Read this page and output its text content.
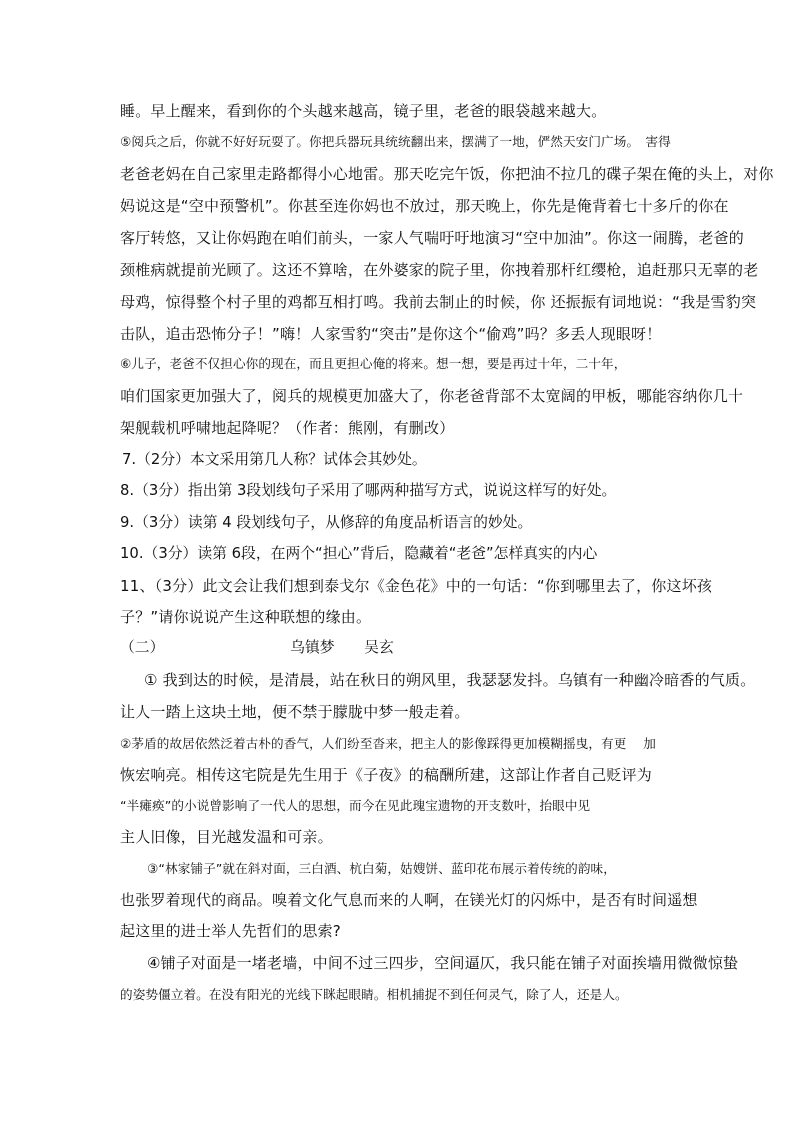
睡。早上醒来，看到你的个头越来越高，镜子里，老爸的眼袋越来越大。
⑤阅兵之后，你就不好好玩耍了。你把兵器玩具统统翻出来，摆满了一地，俨然天安门广场。　害得
老爸老妈在自己家里走路都得小心地雷。那天吃完午饭，你把油不拉几的碟子架在俺的头上，对你
妈说这是“空中预警机”。你甚至连你妈也不放过，那天晚上，你先是俺背着七十多斤的你在
客厅转悠，又让你妈跑在咱们前头，一家人气喘吁吁地演习“空中加油”。你这一闹腾，老爸的
颈椎病就提前光顾了。这还不算啥，在外婆家的院子里，你拽着那杆红缨枪，追赶那只无辜的老
母鸡，惊得整个村子里的鸡都互相打鸣。我前去制止的时候，你 还振振有词地说：“我是雪豹突
击队，追击恐怖分子！”嗨！人家雪豹“突击”是你这个“偷鸡”吗？多丢人现眼呀！
⑥儿子，老爸不仅担心你的现在，而且更担心俺的将来。想一想，要是再过十年，二十年，
咱们国家更加强大了，阅兵的规模更加盛大了，你老爸背部不太宽阔的甲板，哪能容纳你几十
架舰载机呼啸地起降呢？（作者：熊刚，有删改）
7.（2分）本文采用第几人称？试体会其妙处。
8.（3分）指出第 3段划线句子采用了哪两种描写方式，说说这样写的好处。
9.（3分）读第 4 段划线句子，从修辞的角度品析语言的妙处。
10.（3分）读第 6段，在两个“担心”背后，隐藏着“老爸”怎样真实的内心
11、（3分）此文会让我们想到泰戈尔《金色花》中的一句话：“你到哪里去了，你这坏孩
子？”请你说说产生这种联想的缘由。
（二）　　　　　　　　　乌镇梦　　吴玄
① 我到达的时候，是清晨，站在秋日的朔风里，我瑟瑟发抖。乌镇有一种幽冷暗香的气质。
让人一踏上这块土地，便不禁于朦胧中梦一般走着。
②茅盾的故居依然泛着古朴的香气，人们纷至沓来，把主人的影像踩得更加模糊摇曳，有更　 加
恢宏响亮。相传这宅院是先生用于《子夜》的稿酬所建，这部让作者自己贬评为
“半瘫痪”的小说曾影响了一代人的思想，而今在见此瑰宝遗物的开支数叶，抬眼中见
主人旧像，目光越发温和可亲。
③“林家铺子”就在斜对面，三白酒、杭白菊，姑嫂饼、蓝印花布展示着传统的韵味，
也张罗着现代的商品。嗅着文化气息而来的人啊，在镁光灯的闪烁中，是否有时间遥想
起这里的进士举人先哲们的思索?
④铺子对面是一堵老墙，中间不过三四步，空间逼仄，我只能在铺子对面挨墙用微微惊蛰
的姿势僵立着。在没有阳光的光线下眯起眼睛。相机捕捉不到任何灵气，除了人，还是人。
